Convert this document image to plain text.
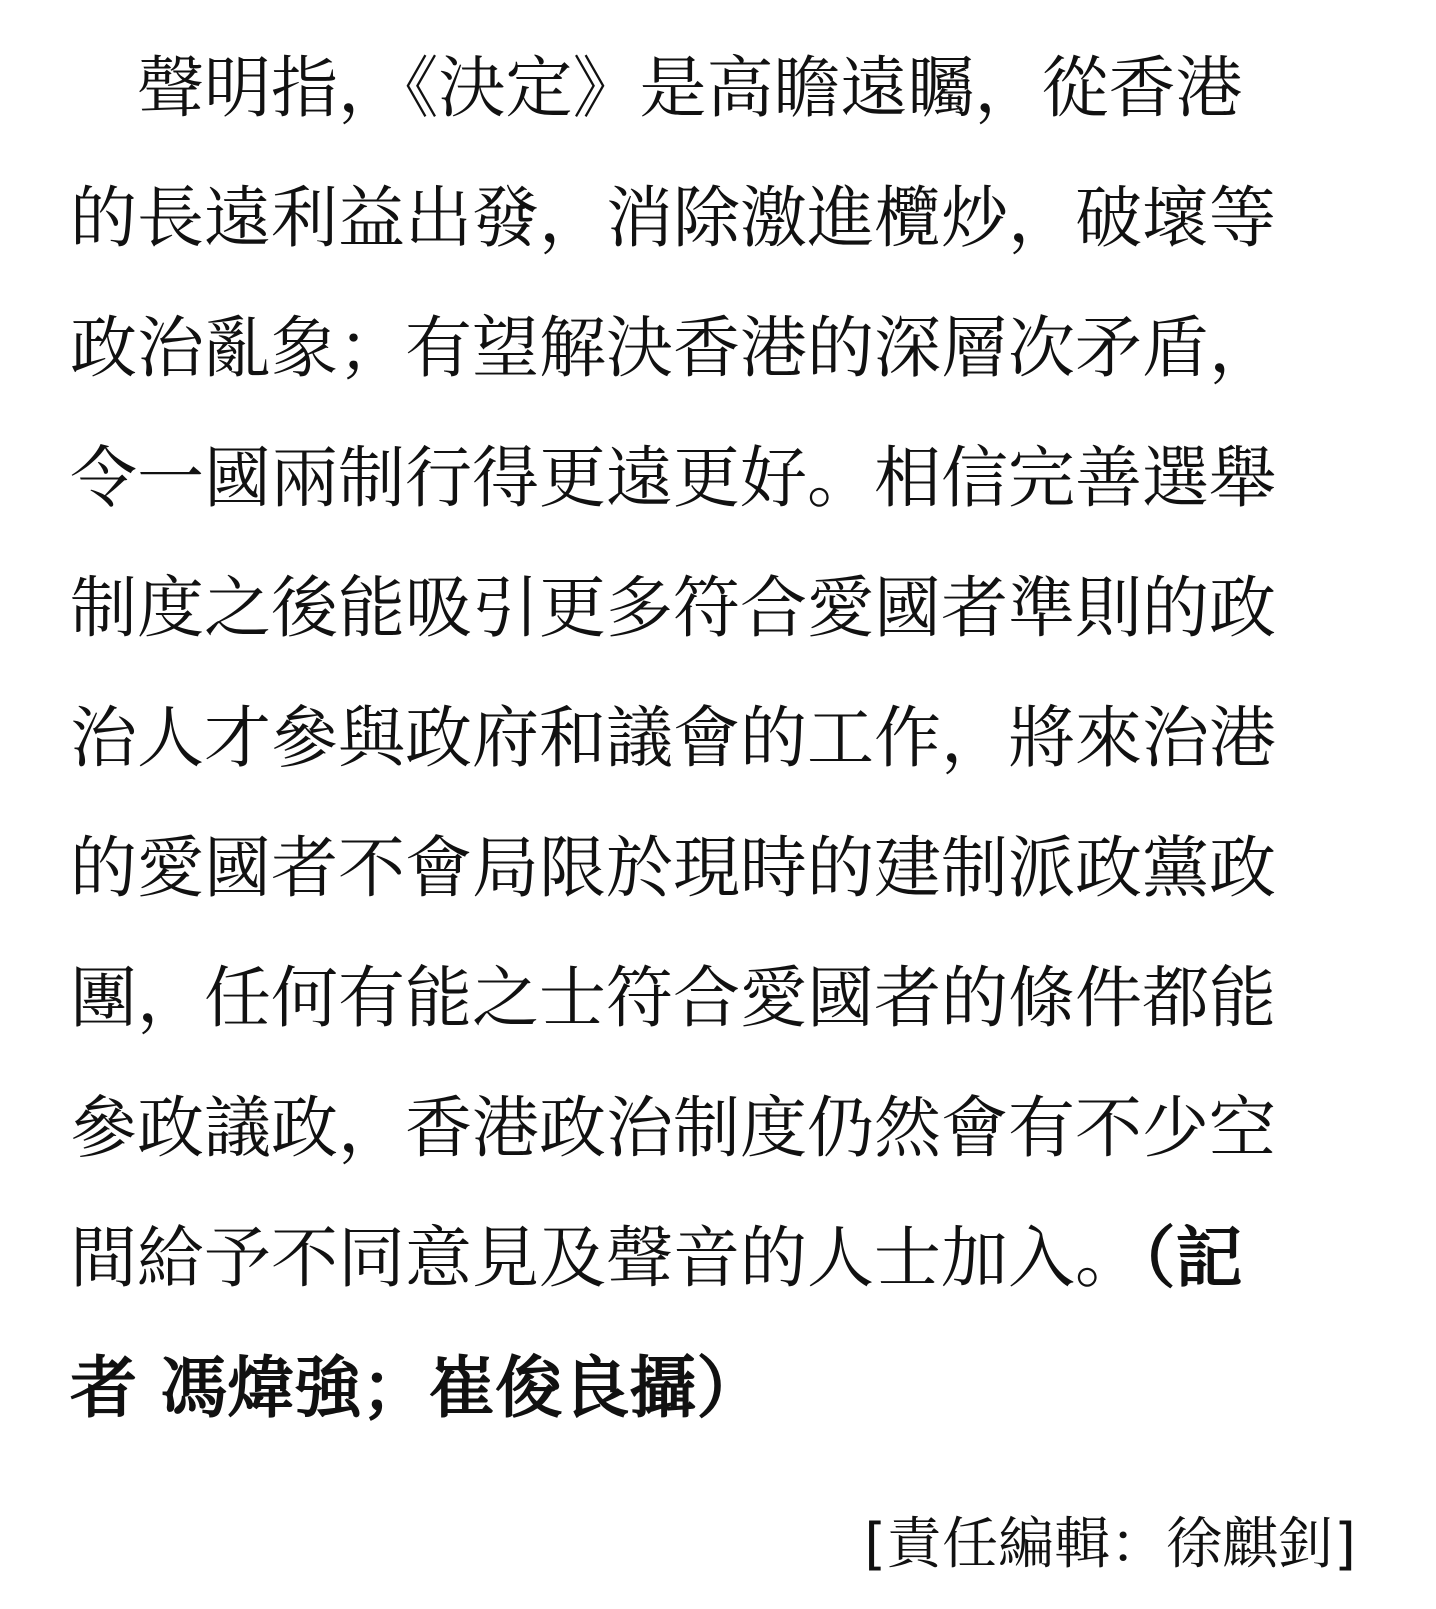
聲明指，《決定》是高瞻遠矚，從香港
的長遠利益出發，消除激進欖炒，破壞等
政治亂象；有望解決香港的深層次矛盾，
令一國兩制行得更遠更好。相信完善選舉
制度之後能吸引更多符合愛國者準則的政
治人才參與政府和議會的工作，將來治港
的愛國者不會局限於現時的建制派政黨政
團，任何有能之士符合愛國者的條件都能
參政議政，香港政治制度仍然會有不少空
間給予不同意見及聲音的人士加入。（記
者 馮煒強；崔俊良攝）
[責任編輯：徐麒釗]
